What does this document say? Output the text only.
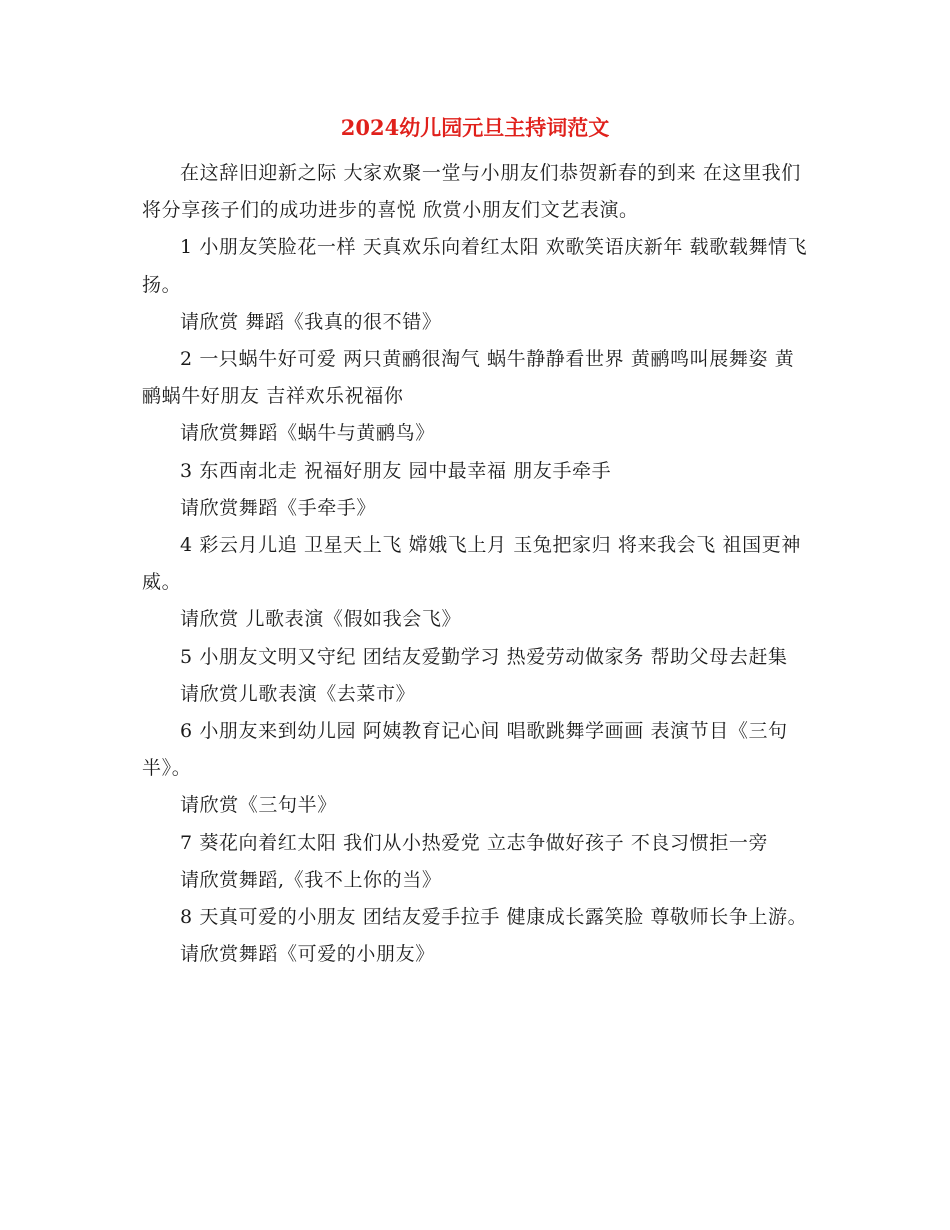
2024幼儿园元旦主持词范文

在这辞旧迎新之际 大家欢聚一堂与小朋友们恭贺新春的到来 在这里我们将分享孩子们的成功进步的喜悦 欣赏小朋友们文艺表演。

1 小朋友笑脸花一样 天真欢乐向着红太阳 欢歌笑语庆新年 载歌载舞情飞扬。

请欣赏 舞蹈《我真的很不错》

2 一只蜗牛好可爱 两只黄鹂很淘气 蜗牛静静看世界 黄鹂鸣叫展舞姿 黄鹂蜗牛好朋友 吉祥欢乐祝福你

请欣赏舞蹈《蜗牛与黄鹂鸟》

3 东西南北走 祝福好朋友 园中最幸福 朋友手牵手

请欣赏舞蹈《手牵手》

4 彩云月儿追 卫星天上飞 嫦娥飞上月 玉兔把家归 将来我会飞 祖国更神威。

请欣赏 儿歌表演《假如我会飞》

5 小朋友文明又守纪 团结友爱勤学习 热爱劳动做家务 帮助父母去赶集

请欣赏儿歌表演《去菜市》

6 小朋友来到幼儿园 阿姨教育记心间 唱歌跳舞学画画 表演节目《三句半》。

请欣赏《三句半》

7 葵花向着红太阳 我们从小热爱党 立志争做好孩子 不良习惯拒一旁

请欣赏舞蹈,《我不上你的当》

8 天真可爱的小朋友 团结友爱手拉手 健康成长露笑脸 尊敬师长争上游。

请欣赏舞蹈《可爱的小朋友》
